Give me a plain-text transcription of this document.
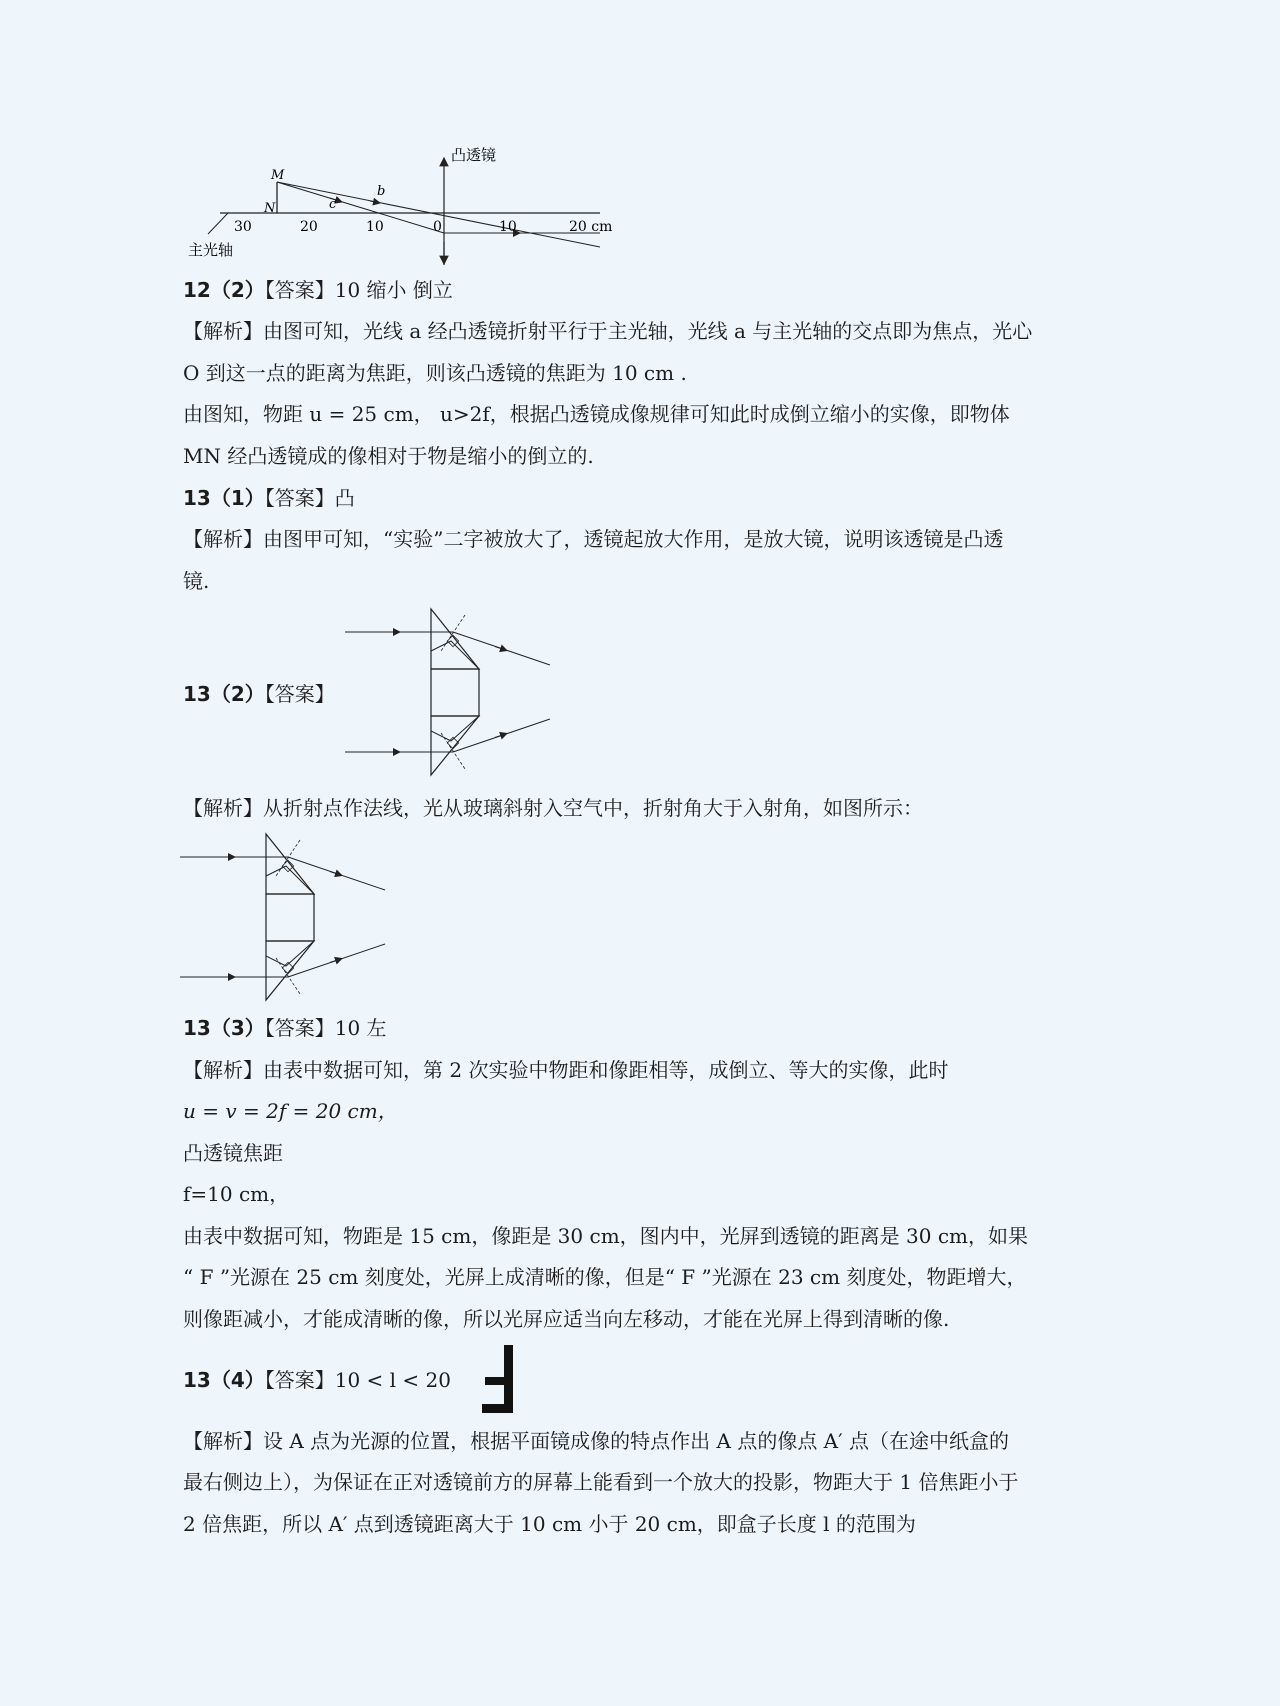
M
N
b
c
凸透镜
主光轴
30	20	10	0	10	20 cm
12（2）【答案】10 缩小 倒立
【解析】由图可知，光线 a 经凸透镜折射平行于主光轴，光线 a 与主光轴的交点即为焦点，光心
O 到这一点的距离为焦距，则该凸透镜的焦距为 10 cm .
由图知，物距 u = 25 cm， u>2f，根据凸透镜成像规律可知此时成倒立缩小的实像，即物体
MN 经凸透镜成的像相对于物是缩小的倒立的.
13（1）【答案】凸
【解析】由图甲可知，“实验”二字被放大了，透镜起放大作用，是放大镜，说明该透镜是凸透
镜.
13（2）【答案】
【解析】从折射点作法线，光从玻璃斜射入空气中，折射角大于入射角，如图所示：
13（3）【答案】10 左
【解析】由表中数据可知，第 2 次实验中物距和像距相等，成倒立、等大的实像，此时
u = v = 2f = 20 cm，
凸透镜焦距
f=10 cm，
由表中数据可知，物距是 15 cm，像距是 30 cm，图内中，光屏到透镜的距离是 30 cm，如果
“ F ”光源在 25 cm 刻度处，光屏上成清晰的像，但是“ F ”光源在 23 cm 刻度处，物距增大，
则像距减小，才能成清晰的像，所以光屏应适当向左移动，才能在光屏上得到清晰的像.
13（4）【答案】10 < l < 20
【解析】设 A 点为光源的位置，根据平面镜成像的特点作出 A 点的像点 A′ 点（在途中纸盒的
最右侧边上），为保证在正对透镜前方的屏幕上能看到一个放大的投影，物距大于 1 倍焦距小于
2 倍焦距，所以 A′ 点到透镜距离大于 10 cm 小于 20 cm，即盒子长度 l 的范围为
